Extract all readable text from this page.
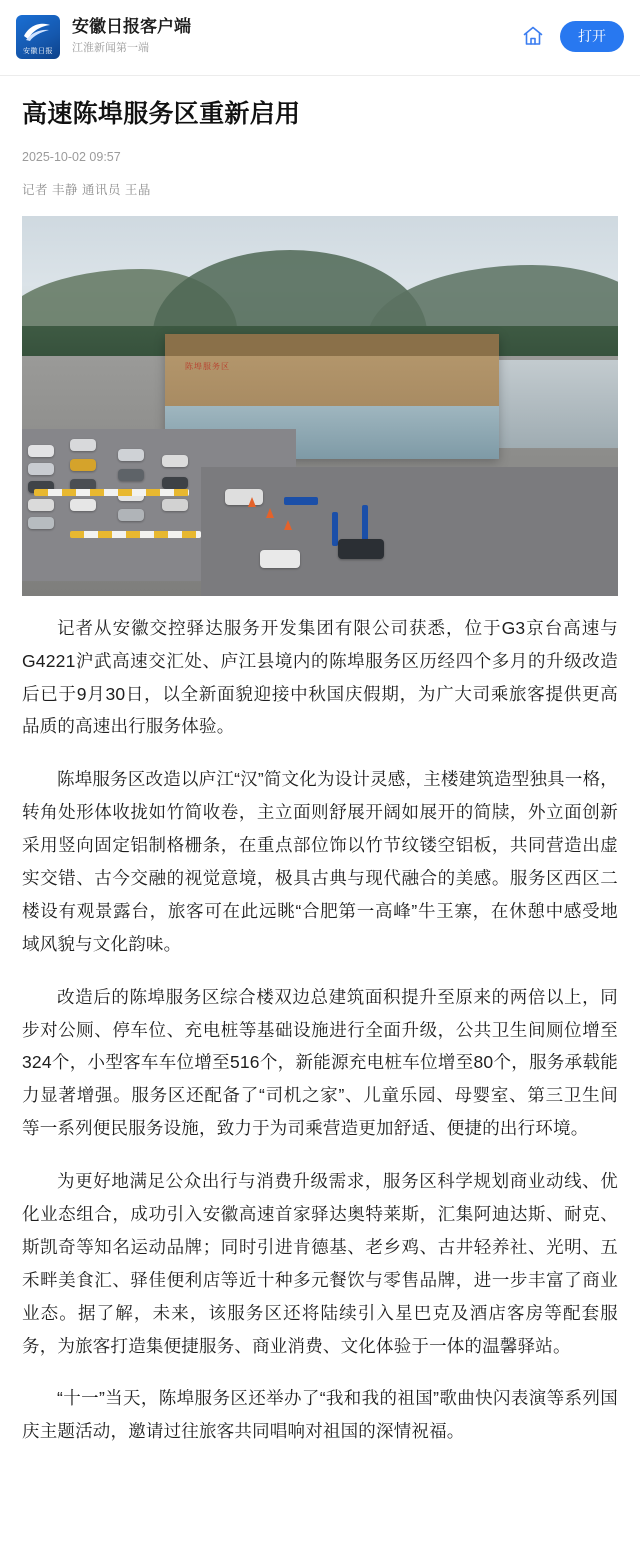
安徽日报
安徽日报客户端
江淮新闻第一端
打开
高速陈埠服务区重新启用
2025-10-02 09:57
记者 丰静 通讯员 王晶
陈埠服务区

记者从安徽交控驿达服务开发集团有限公司获悉，位于G3京台高速与G4221沪武高速交汇处、庐江县境内的陈埠服务区历经四个多月的升级改造后已于9月30日，以全新面貌迎接中秋国庆假期，为广大司乘旅客提供更高品质的高速出行服务体验。

陈埠服务区改造以庐江“汉”简文化为设计灵感，主楼建筑造型独具一格，转角处形体收拢如竹简收卷，主立面则舒展开阔如展开的简牍，外立面创新采用竖向固定铝制格栅条，在重点部位饰以竹节纹镂空铝板，共同营造出虚实交错、古今交融的视觉意境，极具古典与现代融合的美感。服务区西区二楼设有观景露台，旅客可在此远眺“合肥第一高峰”牛王寨，在休憩中感受地域风貌与文化韵味。

改造后的陈埠服务区综合楼双边总建筑面积提升至原来的两倍以上，同步对公厕、停车位、充电桩等基础设施进行全面升级，公共卫生间厕位增至324个，小型客车车位增至516个，新能源充电桩车位增至80个，服务承载能力显著增强。服务区还配备了“司机之家”、儿童乐园、母婴室、第三卫生间等一系列便民服务设施，致力于为司乘营造更加舒适、便捷的出行环境。

为更好地满足公众出行与消费升级需求，服务区科学规划商业动线、优化业态组合，成功引入安徽高速首家驿达奥特莱斯，汇集阿迪达斯、耐克、斯凯奇等知名运动品牌；同时引进肯德基、老乡鸡、古井轻养社、光明、五禾畔美食汇、驿佳便利店等近十种多元餐饮与零售品牌，进一步丰富了商业业态。据了解，未来，该服务区还将陆续引入星巴克及酒店客房等配套服务，为旅客打造集便捷服务、商业消费、文化体验于一体的温馨驿站。

“十一”当天，陈埠服务区还举办了“我和我的祖国”歌曲快闪表演等系列国庆主题活动，邀请过往旅客共同唱响对祖国的深情祝福。
